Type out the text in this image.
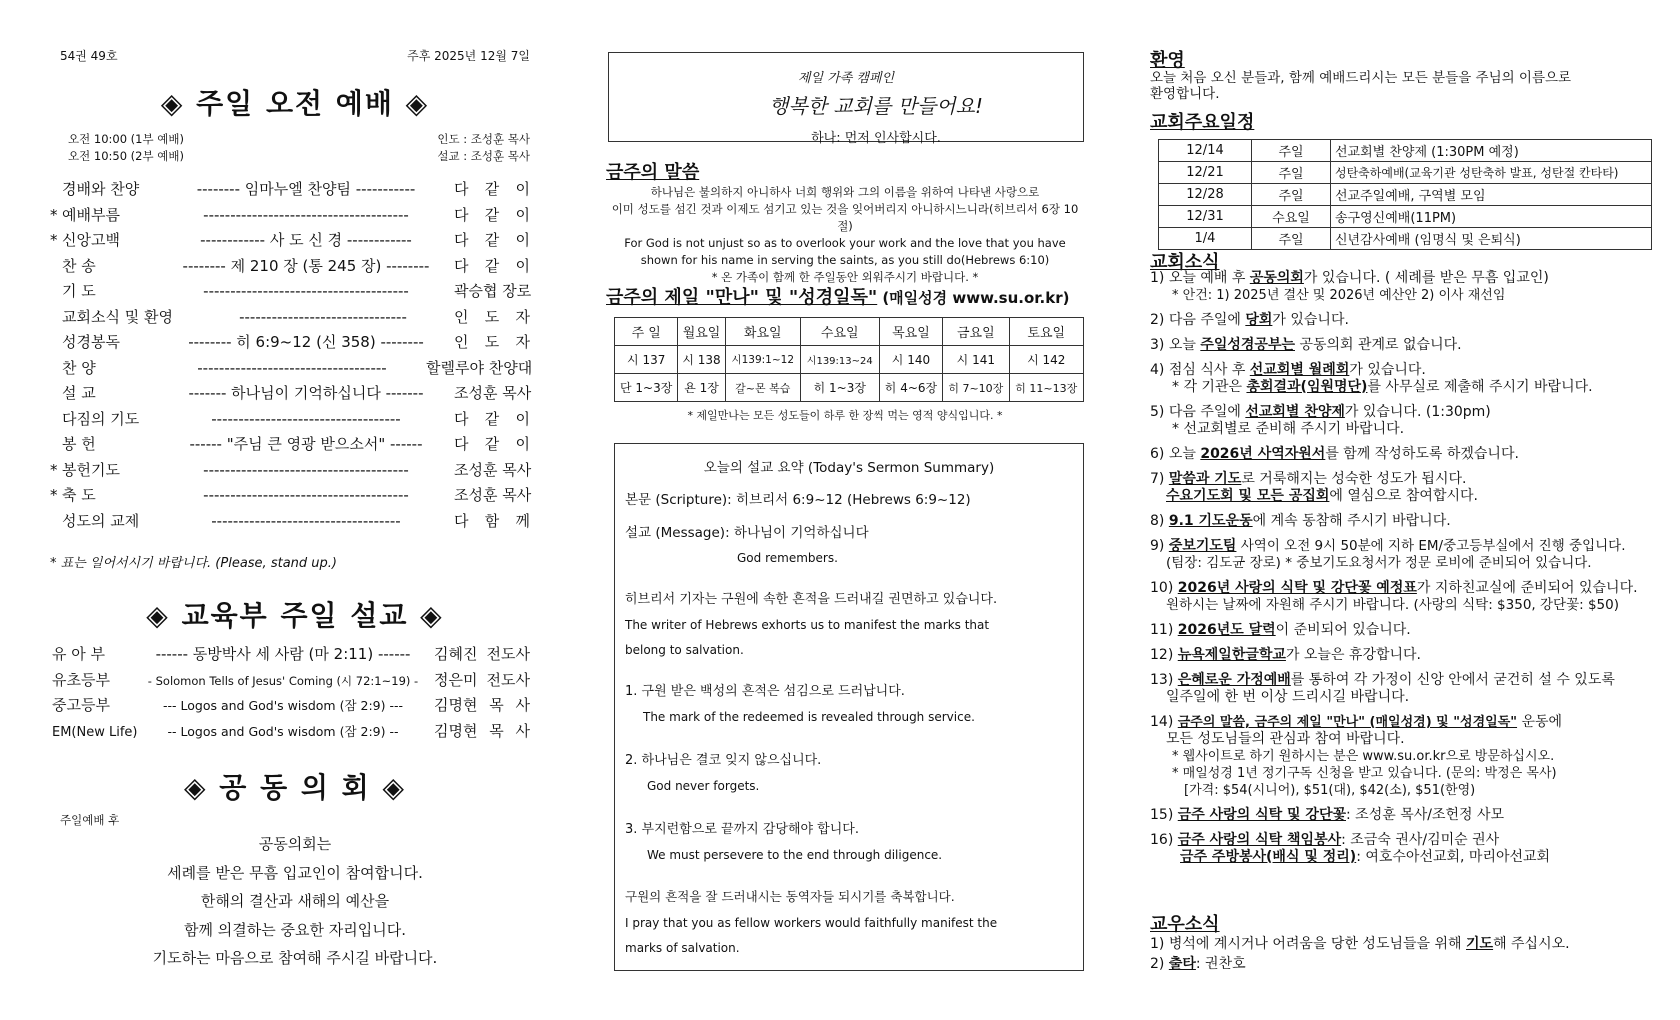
54권 49호	주후 2025년 12월 7일
◈ 주일 오전 예배 ◈
오전 10:00 (1부 예배)
오전 10:50 (2부 예배)
인도 : 조성훈 목사
설교 : 조성훈 목사
경배와 찬양	-------- 임마누엘 찬양팀 -----------	다 같 이
* 예배부름	--------------------------------------	다 같 이
* 신앙고백	------------ 사 도 신 경 ------------	다 같 이
찬 송	-------- 제 210 장 (통 245 장) --------	다 같 이
기 도	--------------------------------------	곽승협 장로
교회소식 및 환영	-------------------------------	인 도 자
성경봉독	-------- 히 6:9~12 (신 358) --------	인 도 자
찬 양	-----------------------------------	할렐루야 찬양대
설 교	------- 하나님이 기억하십니다 -------	조성훈 목사
다짐의 기도	-----------------------------------	다 같 이
봉 헌	------ "주님 큰 영광 받으소서" ------	다 같 이
* 봉헌기도	--------------------------------------	조성훈 목사
* 축 도	--------------------------------------	조성훈 목사
성도의 교제	-----------------------------------	다 함 께
* 표는 일어서시기 바랍니다. (Please, stand up.)
◈ 교육부 주일 설교 ◈
유 아 부	------ 동방박사 세 사람 (마 2:11) ------	김혜진 전도사
유초등부	- Solomon Tells of Jesus' Coming (시 72:1~19) -	정은미 전도사
중고등부	--- Logos and God's wisdom (잠 2:9) ---	김명현 목 사
EM(New Life)	-- Logos and God's wisdom (잠 2:9) --	김명현 목 사
◈ 공 동 의 회 ◈
주일예배 후
공동의회는
세례를 받은 무흠 입교인이 참여합니다.
한해의 결산과 새해의 예산을
함께 의결하는 중요한 자리입니다.
기도하는 마음으로 참여해 주시길 바랍니다.
제일 가족 캠페인
행복한 교회를 만들어요!
하나: 먼저 인사합시다.
금주의 말씀
하나님은 불의하지 아니하사 너희 행위와 그의 이름을 위하여 나타낸 사랑으로
이미 성도를 섬긴 것과 이제도 섬기고 있는 것을 잊어버리지 아니하시느니라(히브리서 6장 10절)
For God is not unjust so as to overlook your work and the love that you have
shown for his name in serving the saints, as you still do(Hebrews 6:10)
* 온 가족이 함께 한 주일동안 외워주시기 바랍니다. *
금주의 제일 "만나" 및 "성경일독" (매일성경 www.su.or.kr)
주 일	월요일	화요일	수요일	목요일	금요일	토요일
시 137	시 138	시139:1~12	시139:13~24	시 140	시 141	시 142
단 1~3장	욘 1장	갈~몬 복습	히 1~3장	히 4~6장	히 7~10장	히 11~13장
* 제일만나는 모든 성도들이 하루 한 장씩 먹는 영적 양식입니다. *
오늘의 설교 요약 (Today's Sermon Summary)
본문 (Scripture): 히브리서 6:9~12 (Hebrews 6:9~12)
설교 (Message): 하나님이 기억하십니다
God remembers.
히브리서 기자는 구원에 속한 흔적을 드러내길 권면하고 있습니다.
The writer of Hebrews exhorts us to manifest the marks that
belong to salvation.
1. 구원 받은 백성의 흔적은 섬김으로 드러납니다.
The mark of the redeemed is revealed through service.
2. 하나님은 결코 잊지 않으십니다.
God never forgets.
3. 부지런함으로 끝까지 감당해야 합니다.
We must persevere to the end through diligence.
구원의 흔적을 잘 드러내시는 동역자들 되시기를 축복합니다.
I pray that you as fellow workers would faithfully manifest the
marks of salvation.
환영
오늘 처음 오신 분들과, 함께 예배드리시는 모든 분들을 주님의 이름으로
환영합니다.
교회주요일정
12/14	주일	선교회별 찬양제 (1:30PM 예정)
12/21	주일	성탄축하예배(교육기관 성탄축하 발표, 성탄절 칸타타)
12/28	주일	선교주일예배, 구역별 모임
12/31	수요일	송구영신예배(11PM)
1/4	주일	신년감사예배 (임명식 및 은퇴식)
교회소식
1) 오늘 예배 후 공동의회가 있습니다. ( 세례를 받은 무흠 입교인)
* 안건: 1) 2025년 결산 및 2026년 예산안 2) 이사 재선임
2) 다음 주일에 당회가 있습니다.
3) 오늘 주일성경공부는 공동의회 관계로 없습니다.
4) 점심 식사 후 선교회별 월례회가 있습니다.
* 각 기관은 총회결과(임원명단)를 사무실로 제출해 주시기 바랍니다.
5) 다음 주일에 선교회별 찬양제가 있습니다. (1:30pm)
* 선교회별로 준비해 주시기 바랍니다.
6) 오늘 2026년 사역자원서를 함께 작성하도록 하겠습니다.
7) 말씀과 기도로 거룩해지는 성숙한 성도가 됩시다.
수요기도회 및 모든 공집회에 열심으로 참여합시다.
8) 9.1 기도운동에 계속 동참해 주시기 바랍니다.
9) 중보기도팀 사역이 오전 9시 50분에 지하 EM/중고등부실에서 진행 중입니다.
(팀장: 김도균 장로) * 중보기도요청서가 정문 로비에 준비되어 있습니다.
10) 2026년 사랑의 식탁 및 강단꽃 예정표가 지하친교실에 준비되어 있습니다.
원하시는 날짜에 자원해 주시기 바랍니다. (사랑의 식탁: $350, 강단꽃: $50)
11) 2026년도 달력이 준비되어 있습니다.
12) 뉴욕제일한글학교가 오늘은 휴강합니다.
13) 은혜로운 가정예배를 통하여 각 가정이 신앙 안에서 굳건히 설 수 있도록
일주일에 한 번 이상 드리시길 바랍니다.
14) 금주의 말씀, 금주의 제일 "만나" (매일성경) 및 "성경일독" 운동에
모든 성도님들의 관심과 참여 바랍니다.
* 웹사이트로 하기 원하시는 분은 www.su.or.kr으로 방문하십시오.
* 매일성경 1년 정기구독 신청을 받고 있습니다. (문의: 박정은 목사)
[가격: $54(시니어), $51(대), $42(소), $51(한영)
15) 금주 사랑의 식탁 및 강단꽃: 조성훈 목사/조헌정 사모
16) 금주 사랑의 식탁 책임봉사: 조금숙 권사/김미순 권사
금주 주방봉사(배식 및 정리): 여호수아선교회, 마리아선교회
교우소식
1) 병석에 계시거나 어려움을 당한 성도님들을 위해 기도해 주십시오.
2) 출타: 권찬호
